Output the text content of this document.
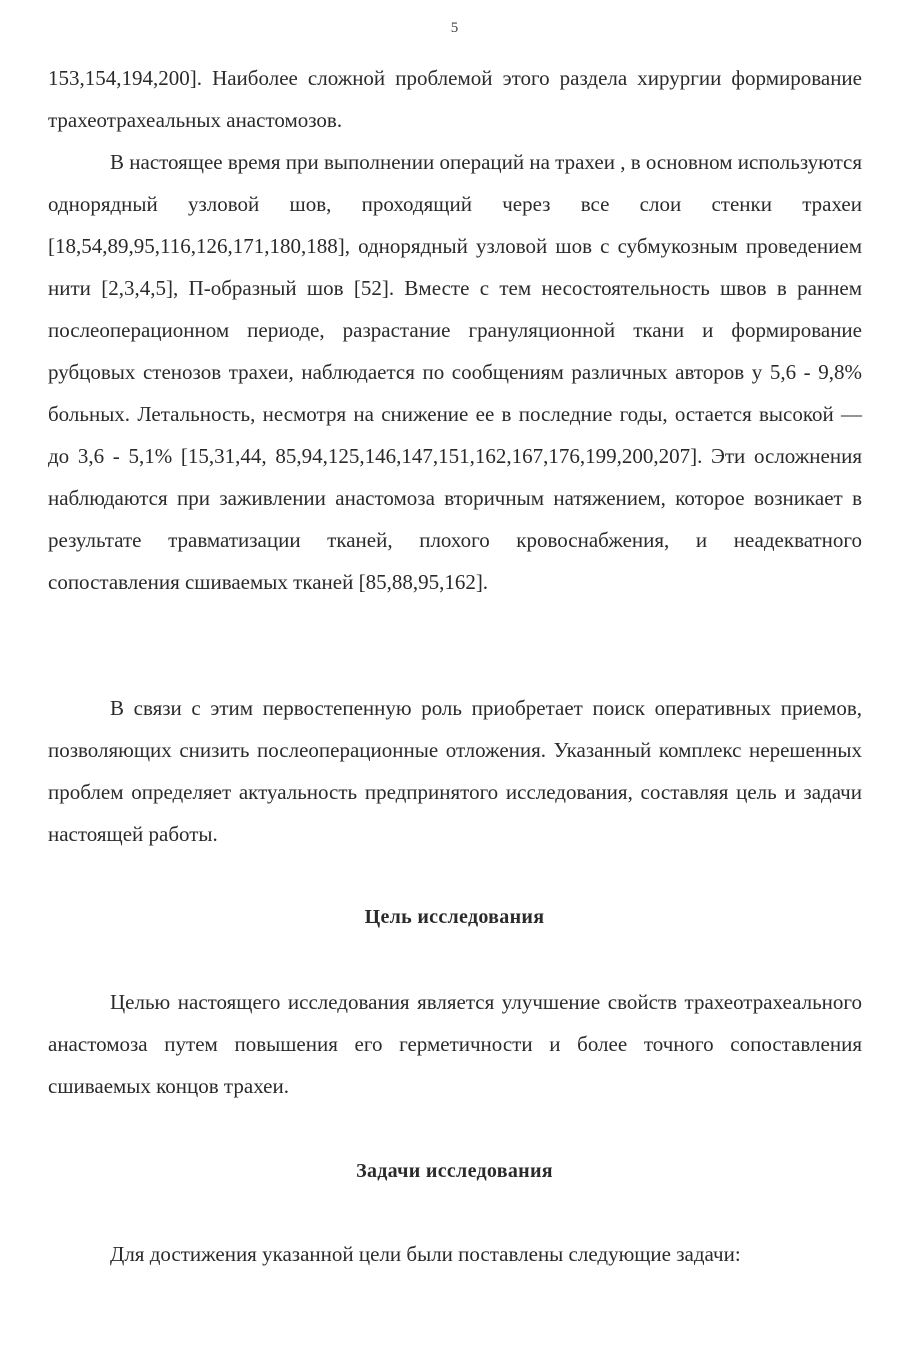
5

153,154,194,200]. Наиболее сложной проблемой этого раздела хирургии формирование трахеотрахеальных анастомозов.

В настоящее время при выполнении операций на трахеи , в основном используются однорядный узловой шов, проходящий через все слои стенки трахеи [18,54,89,95,116,126,171,180,188], однорядный узловой шов с субмукозным проведением нити [2,3,4,5], П-образный шов [52]. Вместе с тем несостоятельность швов в раннем послеоперационном периоде, разрастание грануляционной ткани и формирование рубцовых стенозов трахеи, наблюдается по сообщениям различных авторов у 5,6 - 9,8% больных. Летальность, несмотря на снижение ее в последние годы, остается высокой — до 3,6 - 5,1% [15,31,44, 85,94,125,146,147,151,162,167,176,199,200,207]. Эти осложнения наблюдаются при заживлении анастомоза вторичным натяжением, которое возникает в результате травматизации тканей, плохого кровоснабжения, и неадекватного сопоставления сшиваемых тканей [85,88,95,162].

В связи с этим первостепенную роль приобретает поиск оперативных приемов, позволяющих снизить послеоперационные отложения. Указанный комплекс нерешенных проблем определяет актуальность предпринятого исследования, составляя цель и задачи настоящей работы.

Цель исследования

Целью настоящего исследования является улучшение свойств трахеотрахеального анастомоза путем повышения его герметичности и более точного сопоставления сшиваемых концов трахеи.

Задачи исследования

Для достижения указанной цели были поставлены следующие задачи:
